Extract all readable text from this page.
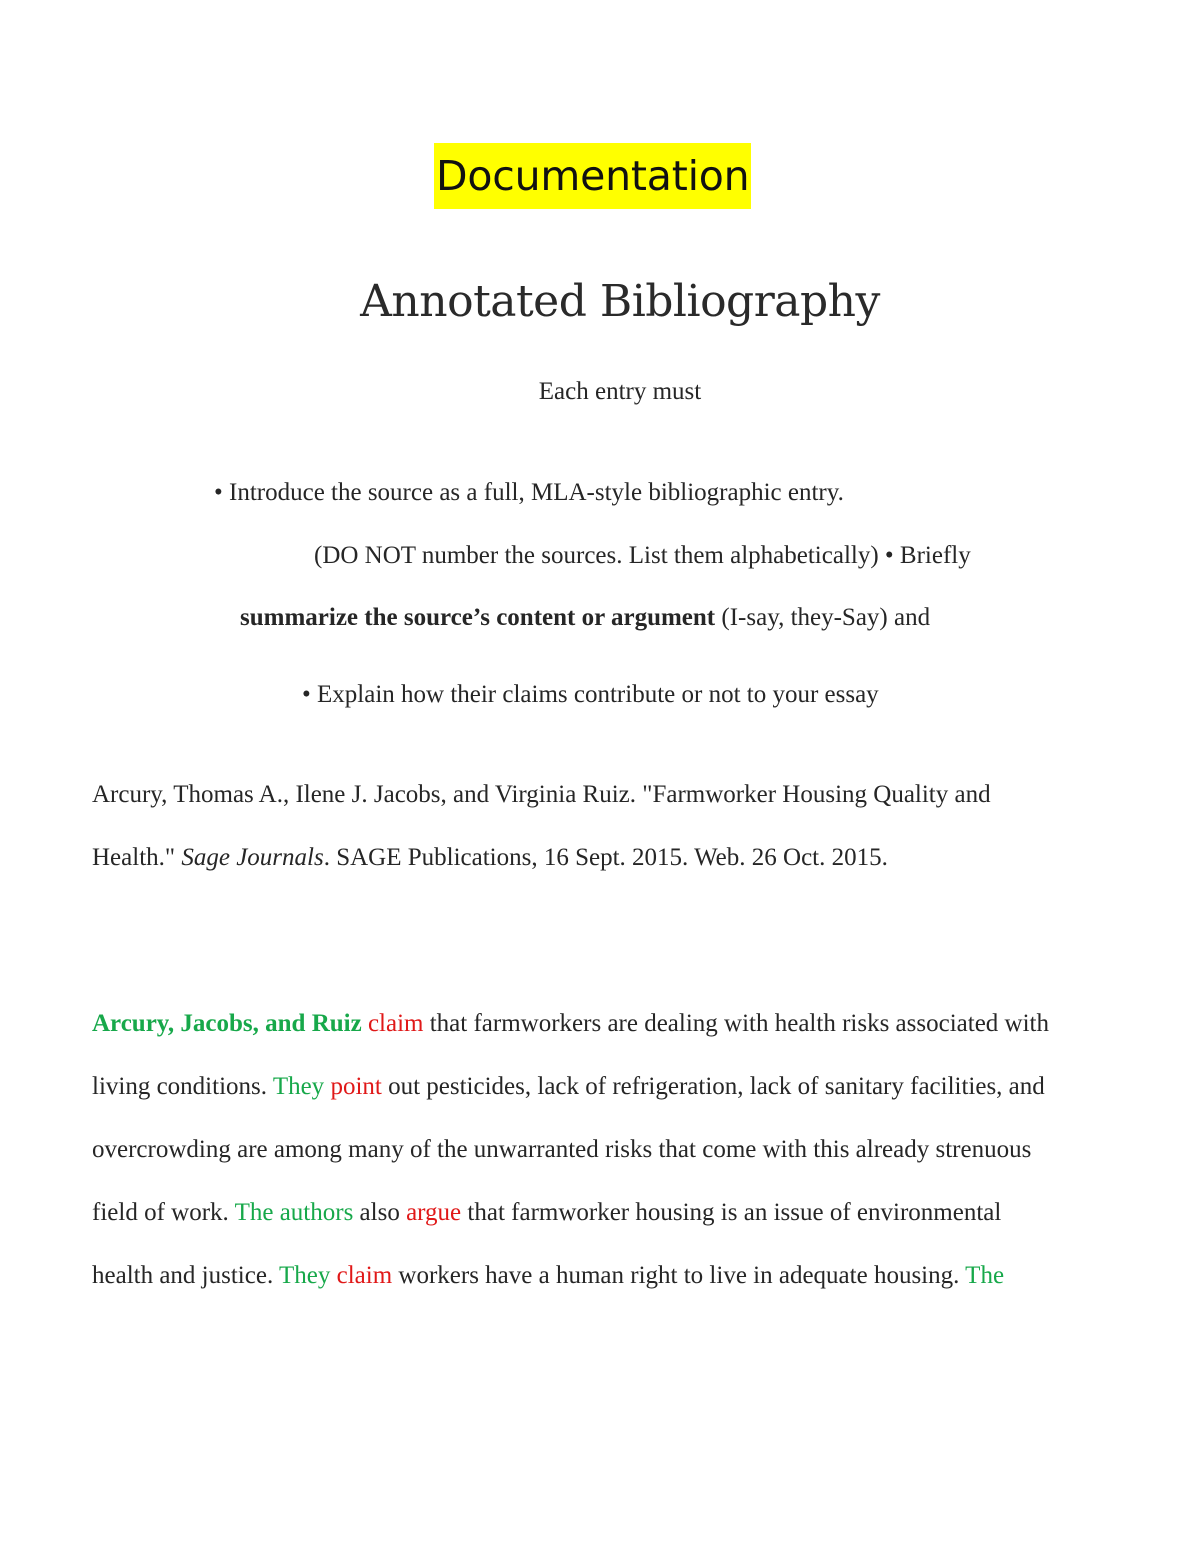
Documentation
Annotated Bibliography
Each entry must
• Introduce the source as a full, MLA-style bibliographic entry.
(DO NOT number the sources. List them alphabetically) • Briefly
summarize the source’s content or argument (I-say, they-Say) and
• Explain how their claims contribute or not to your essay
Arcury, Thomas A., Ilene J. Jacobs, and Virginia Ruiz. "Farmworker Housing Quality and
Health." Sage Journals. SAGE Publications, 16 Sept. 2015. Web. 26 Oct. 2015.
Arcury, Jacobs, and Ruiz claim that farmworkers are dealing with health risks associated with
living conditions. They point out pesticides, lack of refrigeration, lack of sanitary facilities, and
overcrowding are among many of the unwarranted risks that come with this already strenuous
field of work. The authors also argue that farmworker housing is an issue of environmental
health and justice. They claim workers have a human right to live in adequate housing. The
